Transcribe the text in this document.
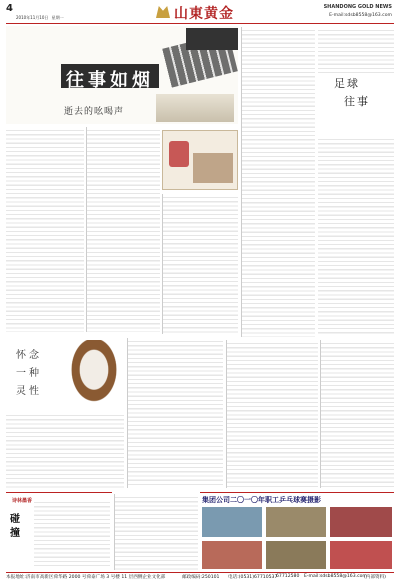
4
2010年11月10日 星期一	山東黄金	SHANDONG GOLD NEWS
E-mail:sdsb8558@163.com
往事如烟
逝去的吆喝声
足球
往事
怀念
一种
灵性
诗林墨香
碰撞
集团公司二〇一〇年职工乒乓球赛摄影
本报地址:济南市高新区舜华路 2000 号舜泰广场 3 号楼 11 层西侧企业文化部	邮政编码:250101 电话:(0531)67710537
67712580 E-mail:sdsb8558@163.com
(内部资料)
